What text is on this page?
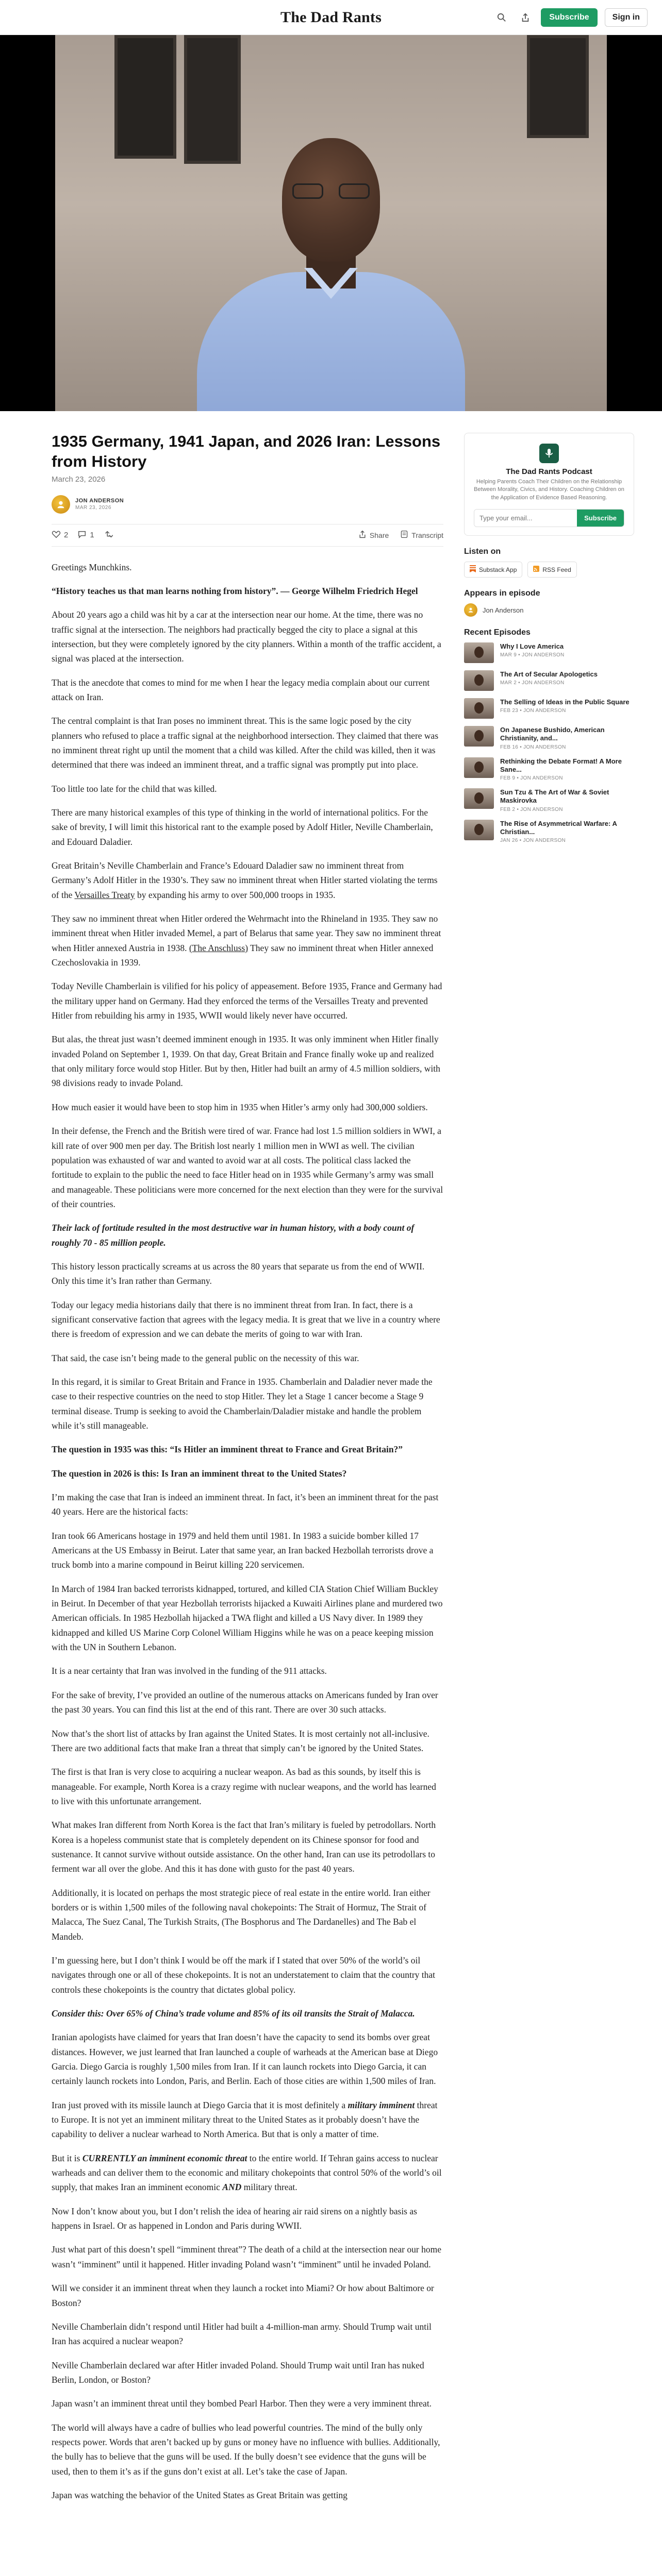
The Dad Rants	Subscribe	Sign in
1935 Germany, 1941 Japan, and 2026 Iran: Lessons from History
March 23, 2026
JON ANDERSON
MAR 23, 2026
2	1	Share	Transcript

Greetings Munchkins.

“History teaches us that man learns nothing from history”. — George Wilhelm Friedrich Hegel

About 20 years ago a child was hit by a car at the intersection near our home. At the time, there was no traffic signal at the intersection. The neighbors had practically begged the city to place a signal at this intersection, but they were completely ignored by the city planners. Within a month of the traffic accident, a signal was placed at the intersection.

That is the anecdote that comes to mind for me when I hear the legacy media complain about our current attack on Iran.

The central complaint is that Iran poses no imminent threat. This is the same logic posed by the city planners who refused to place a traffic signal at the neighborhood intersection. They claimed that there was no imminent threat right up until the moment that a child was killed. After the child was killed, then it was determined that there was indeed an imminent threat, and a traffic signal was promptly put into place.

Too little too late for the child that was killed.

There are many historical examples of this type of thinking in the world of international politics. For the sake of brevity, I will limit this historical rant to the example posed by Adolf Hitler, Neville Chamberlain, and Edouard Daladier.

Great Britain’s Neville Chamberlain and France’s Edouard Daladier saw no imminent threat from Germany’s Adolf Hitler in the 1930’s. They saw no imminent threat when Hitler started violating the terms of the Versailles Treaty by expanding his army to over 500,000 troops in 1935.

They saw no imminent threat when Hitler ordered the Wehrmacht into the Rhineland in 1935. They saw no imminent threat when Hitler invaded Memel, a part of Belarus that same year. They saw no imminent threat when Hitler annexed Austria in 1938. (The Anschluss) They saw no imminent threat when Hitler annexed Czechoslovakia in 1939.

Today Neville Chamberlain is vilified for his policy of appeasement. Before 1935, France and Germany had the military upper hand on Germany. Had they enforced the terms of the Versailles Treaty and prevented Hitler from rebuilding his army in 1935, WWII would likely never have occurred.

But alas, the threat just wasn’t deemed imminent enough in 1935. It was only imminent when Hitler finally invaded Poland on September 1, 1939. On that day, Great Britain and France finally woke up and realized that only military force would stop Hitler. But by then, Hitler had built an army of 4.5 million soldiers, with 98 divisions ready to invade Poland.

How much easier it would have been to stop him in 1935 when Hitler’s army only had 300,000 soldiers.

In their defense, the French and the British were tired of war. France had lost 1.5 million soldiers in WWI, a kill rate of over 900 men per day. The British lost nearly 1 million men in WWI as well. The civilian population was exhausted of war and wanted to avoid war at all costs. The political class lacked the fortitude to explain to the public the need to face Hitler head on in 1935 while Germany’s army was small and manageable. These politicians were more concerned for the next election than they were for the survival of their countries.

Their lack of fortitude resulted in the most destructive war in human history, with a body count of roughly 70 - 85 million people.

This history lesson practically screams at us across the 80 years that separate us from the end of WWII. Only this time it’s Iran rather than Germany.

Today our legacy media historians daily that there is no imminent threat from Iran. In fact, there is a significant conservative faction that agrees with the legacy media. It is great that we live in a country where there is freedom of expression and we can debate the merits of going to war with Iran.

That said, the case isn’t being made to the general public on the necessity of this war.

In this regard, it is similar to Great Britain and France in 1935. Chamberlain and Daladier never made the case to their respective countries on the need to stop Hitler. They let a Stage 1 cancer become a Stage 9 terminal disease. Trump is seeking to avoid the Chamberlain/Daladier mistake and handle the problem while it’s still manageable.

The question in 1935 was this: “Is Hitler an imminent threat to France and Great Britain?”

The question in 2026 is this: Is Iran an imminent threat to the United States?

I’m making the case that Iran is indeed an imminent threat. In fact, it’s been an imminent threat for the past 40 years. Here are the historical facts:

Iran took 66 Americans hostage in 1979 and held them until 1981. In 1983 a suicide bomber killed 17 Americans at the US Embassy in Beirut. Later that same year, an Iran backed Hezbollah terrorists drove a truck bomb into a marine compound in Beirut killing 220 servicemen.

In March of 1984 Iran backed terrorists kidnapped, tortured, and killed CIA Station Chief William Buckley in Beirut. In December of that year Hezbollah terrorists hijacked a Kuwaiti Airlines plane and murdered two American officials. In 1985 Hezbollah hijacked a TWA flight and killed a US Navy diver. In 1989 they kidnapped and killed US Marine Corp Colonel William Higgins while he was on a peace keeping mission with the UN in Southern Lebanon.

It is a near certainty that Iran was involved in the funding of the 911 attacks.

For the sake of brevity, I’ve provided an outline of the numerous attacks on Americans funded by Iran over the past 30 years. You can find this list at the end of this rant. There are over 30 such attacks.

Now that’s the short list of attacks by Iran against the United States. It is most certainly not all-inclusive. There are two additional facts that make Iran a threat that simply can’t be ignored by the United States.

The first is that Iran is very close to acquiring a nuclear weapon. As bad as this sounds, by itself this is manageable. For example, North Korea is a crazy regime with nuclear weapons, and the world has learned to live with this unfortunate arrangement.

What makes Iran different from North Korea is the fact that Iran’s military is fueled by petrodollars. North Korea is a hopeless communist state that is completely dependent on its Chinese sponsor for food and sustenance. It cannot survive without outside assistance. On the other hand, Iran can use its petrodollars to ferment war all over the globe. And this it has done with gusto for the past 40 years.

Additionally, it is located on perhaps the most strategic piece of real estate in the entire world. Iran either borders or is within 1,500 miles of the following naval chokepoints: The Strait of Hormuz, The Strait of Malacca, The Suez Canal, The Turkish Straits, (The Bosphorus and The Dardanelles) and The Bab el Mandeb.

I’m guessing here, but I don’t think I would be off the mark if I stated that over 50% of the world’s oil navigates through one or all of these chokepoints. It is not an understatement to claim that the country that controls these chokepoints is the country that dictates global policy.

Consider this: Over 65% of China’s trade volume and 85% of its oil transits the Strait of Malacca.

Iranian apologists have claimed for years that Iran doesn’t have the capacity to send its bombs over great distances. However, we just learned that Iran launched a couple of warheads at the American base at Diego Garcia. Diego Garcia is roughly 1,500 miles from Iran. If it can launch rockets into Diego Garcia, it can certainly launch rockets into London, Paris, and Berlin. Each of those cities are within 1,500 miles of Iran.

Iran just proved with its missile launch at Diego Garcia that it is most definitely a military imminent threat to Europe. It is not yet an imminent military threat to the United States as it probably doesn’t have the capability to deliver a nuclear warhead to North America. But that is only a matter of time.

But it is CURRENTLY an imminent economic threat to the entire world. If Tehran gains access to nuclear warheads and can deliver them to the economic and military chokepoints that control 50% of the world’s oil supply, that makes Iran an imminent economic AND military threat.

Now I don’t know about you, but I don’t relish the idea of hearing air raid sirens on a nightly basis as happens in Israel. Or as happened in London and Paris during WWII.

Just what part of this doesn’t spell “imminent threat”? The death of a child at the intersection near our home wasn’t “imminent” until it happened. Hitler invading Poland wasn’t “imminent” until he invaded Poland.

Will we consider it an imminent threat when they launch a rocket into Miami? Or how about Baltimore or Boston?

Neville Chamberlain didn’t respond until Hitler had built a 4-million-man army. Should Trump wait until Iran has acquired a nuclear weapon?

Neville Chamberlain declared war after Hitler invaded Poland. Should Trump wait until Iran has nuked Berlin, London, or Boston?

Japan wasn’t an imminent threat until they bombed Pearl Harbor. Then they were a very imminent threat.

The world will always have a cadre of bullies who lead powerful countries. The mind of the bully only respects power. Words that aren’t backed up by guns or money have no influence with bullies. Additionally, the bully has to believe that the guns will be used. If the bully doesn’t see evidence that the guns will be used, then to them it’s as if the guns don’t exist at all. Let’s take the case of Japan.

Japan was watching the behavior of the United States as Great Britain was getting

The Dad Rants Podcast
Helping Parents Coach Their Children on the Relationship Between Morality, Civics, and History. Coaching Children on the Application of Evidence Based Reasoning.
Type your email...
Subscribe
Listen on
Substack App	RSS Feed
Appears in episode
Jon Anderson
Recent Episodes
Why I Love America
MAR 9 • JON ANDERSON
The Art of Secular Apologetics
MAR 2 • JON ANDERSON
The Selling of Ideas in the Public Square
FEB 23 • JON ANDERSON
On Japanese Bushido, American Christianity, and...
FEB 16 • JON ANDERSON
Rethinking the Debate Format! A More Sane...
FEB 9 • JON ANDERSON
Sun Tzu & The Art of War & Soviet Maskirovka
FEB 2 • JON ANDERSON
The Rise of Asymmetrical Warfare: A Christian...
JAN 26 • JON ANDERSON
